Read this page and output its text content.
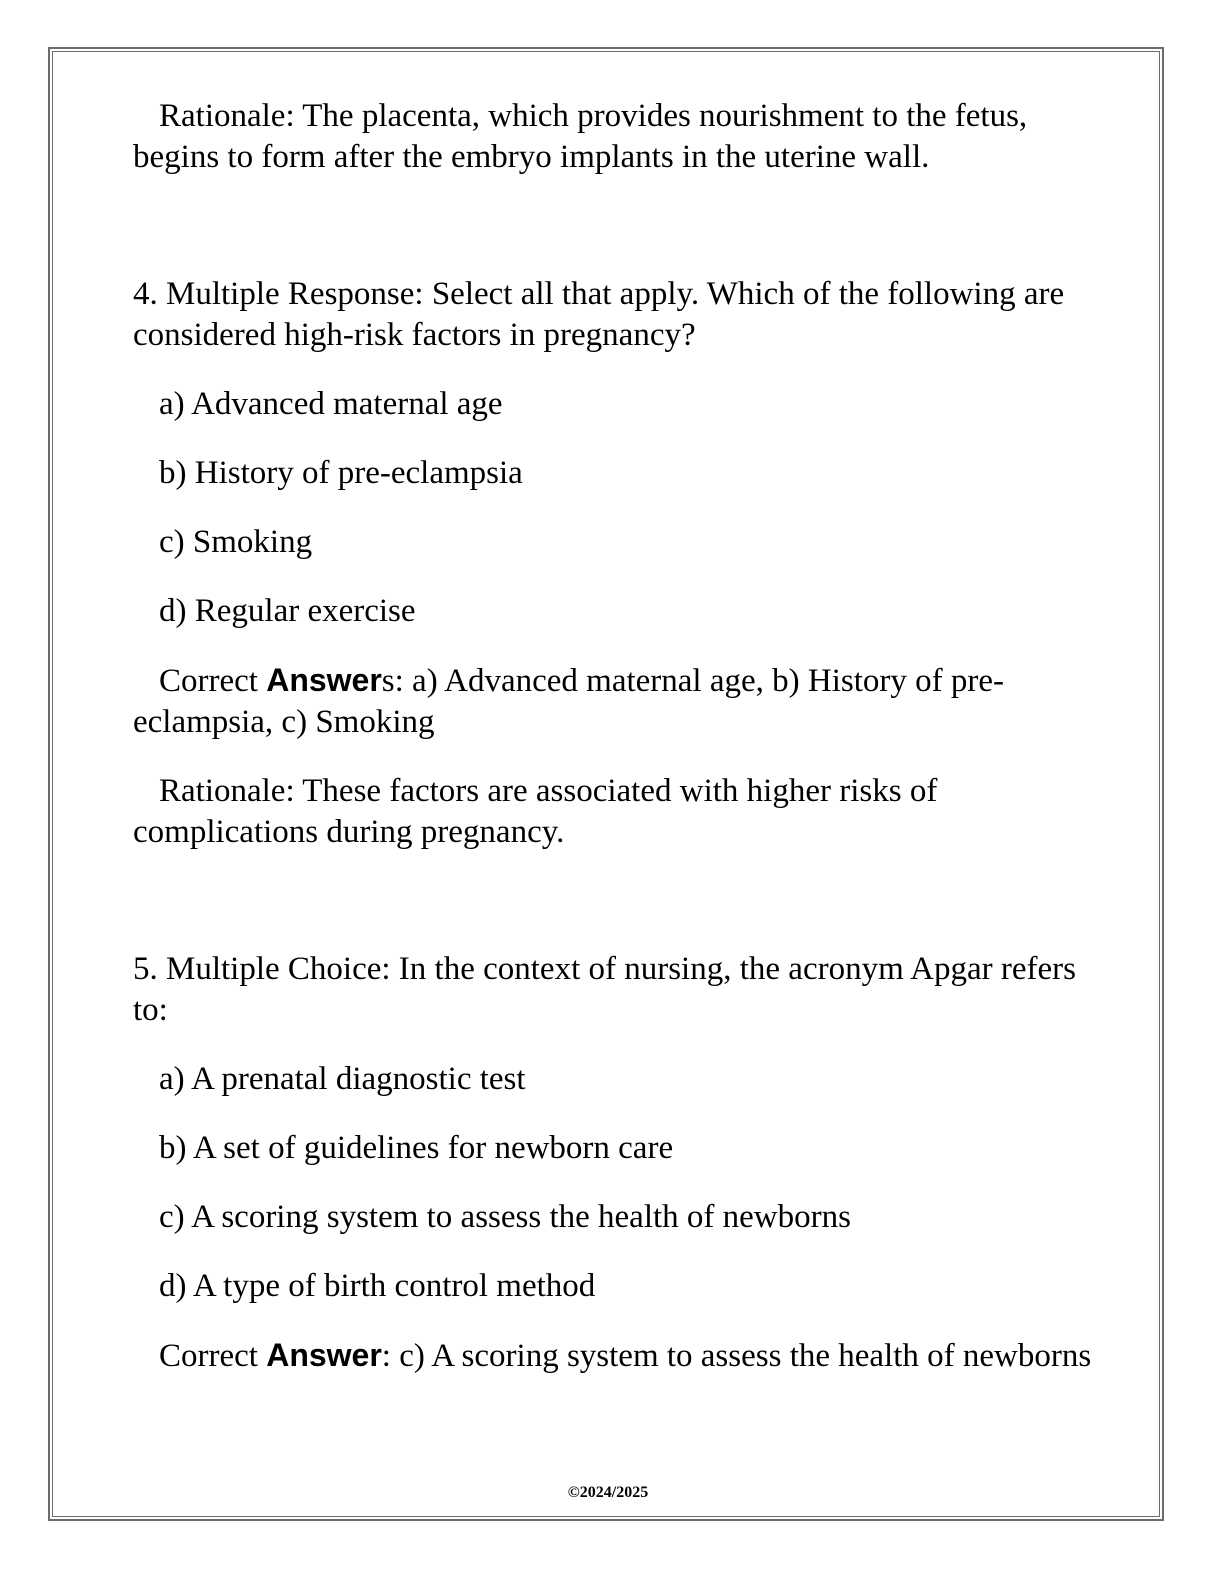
Rationale: The placenta, which provides nourishment to the fetus, begins to form after the embryo implants in the uterine wall.

4. Multiple Response: Select all that apply. Which of the following are considered high-risk factors in pregnancy?

a) Advanced maternal age

b) History of pre-eclampsia

c) Smoking

d) Regular exercise

Correct Answers: a) Advanced maternal age, b) History of pre-eclampsia, c) Smoking

Rationale: These factors are associated with higher risks of complications during pregnancy.

5. Multiple Choice: In the context of nursing, the acronym Apgar refers to:

a) A prenatal diagnostic test

b) A set of guidelines for newborn care

c) A scoring system to assess the health of newborns

d) A type of birth control method

Correct Answer: c) A scoring system to assess the health of newborns

©2024/2025
